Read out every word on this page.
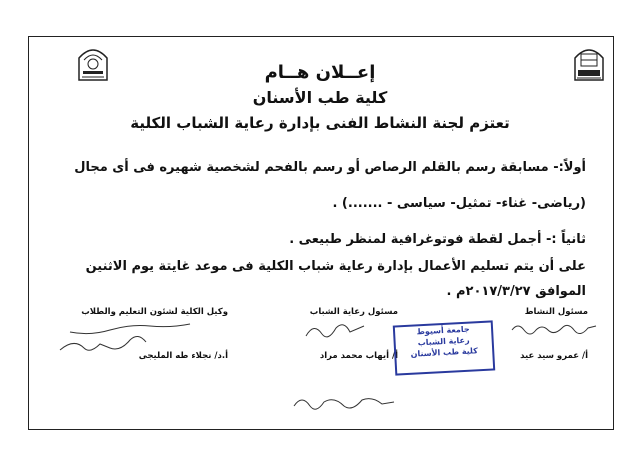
إعــلان هــام
كلية طب الأسنان
تعتزم لجنة النشاط الفنى بإدارة رعاية الشباب الكلية
أولاً:- مسابقة رسم بالقلم الرصاص أو رسم بالفحم لشخصية شهيره فى أى مجال
(رياضى- غناء- تمثيل- سياسى - .......) .
ثانياً :- أجمل لقطة فوتوغرافية لمنظر طبيعى .
على أن يتم تسليم الأعمال بإدارة رعاية شباب الكلية فى موعد غايتة يوم الاثنين
الموافق ٢٠١٧/٣/٢٧م .
مسئول النشاط
مسئول رعاية الشباب
وكيل الكلية لشئون التعليم والطلاب
أ/ عمرو سيد عيد
أ/ أيهاب محمد مراد
أ.د/ نجلاء طه المليجى
جامعة أسيوط
رعاية الشباب
كلية طب الأسنان
